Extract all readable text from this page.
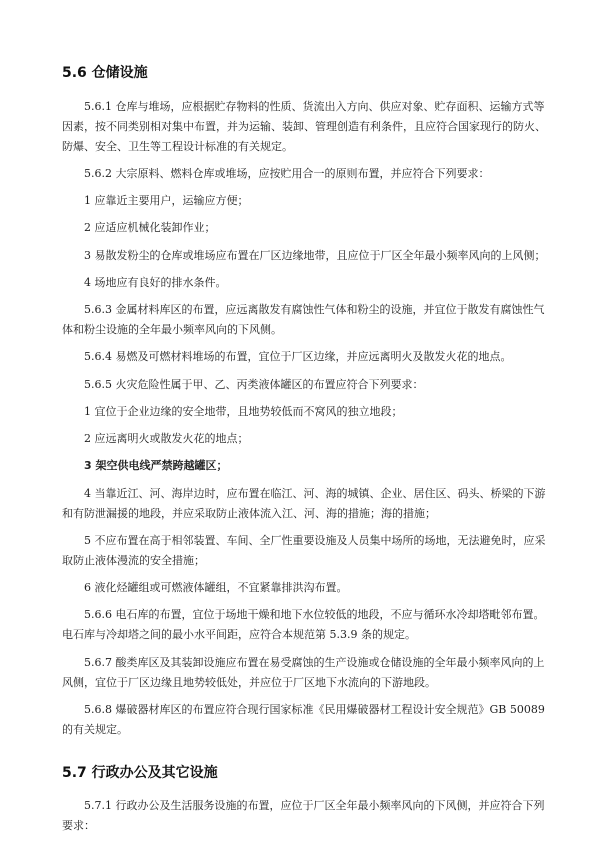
5.6 仓储设施
5.6.1 仓库与堆场，应根据贮存物料的性质、货流出入方向、供应对象、贮存面积、运输方式等因素，按不同类别相对集中布置，并为运输、装卸、管理创造有利条件，且应符合国家现行的防火、防爆、安全、卫生等工程设计标准的有关规定。
5.6.2 大宗原料、燃料仓库或堆场，应按贮用合一的原则布置，并应符合下列要求：
1 应靠近主要用户，运输应方便；
2 应适应机械化装卸作业；
3 易散发粉尘的仓库或堆场应布置在厂区边缘地带，且应位于厂区全年最小频率风向的上风侧；
4 场地应有良好的排水条件。
5.6.3 金属材料库区的布置，应远离散发有腐蚀性气体和粉尘的设施，并宜位于散发有腐蚀性气体和粉尘设施的全年最小频率风向的下风侧。
5.6.4 易燃及可燃材料堆场的布置，宜位于厂区边缘，并应远离明火及散发火花的地点。
5.6.5 火灾危险性属于甲、乙、丙类液体罐区的布置应符合下列要求：
1 宜位于企业边缘的安全地带，且地势较低而不窝风的独立地段；
2 应远离明火或散发火花的地点；
3 架空供电线严禁跨越罐区；
4 当靠近江、河、海岸边时，应布置在临江、河、海的城镇、企业、居住区、码头、桥梁的下游和有防泄漏援的地段，并应采取防止液体流入江、河、海的措施；海的措施；
5 不应布置在高于相邻装置、车间、全厂性重要设施及人员集中场所的场地，无法避免时，应采取防止液体漫流的安全措施；
6 液化烃罐组或可燃液体罐组，不宜紧靠排洪沟布置。
5.6.6 电石库的布置，宜位于场地干燥和地下水位较低的地段，不应与循环水冷却塔毗邻布置。电石库与冷却塔之间的最小水平间距，应符合本规范第 5.3.9 条的规定。
5.6.7 酸类库区及其装卸设施应布置在易受腐蚀的生产设施或仓储设施的全年最小频率风向的上风侧，宜位于厂区边缘且地势较低处，并应位于厂区地下水流向的下游地段。
5.6.8 爆破器材库区的布置应符合现行国家标准《民用爆破器材工程设计安全规范》GB 50089 的有关规定。
5.7 行政办公及其它设施
5.7.1 行政办公及生活服务设施的布置，应位于厂区全年最小频率风向的下风侧，并应符合下列要求：
